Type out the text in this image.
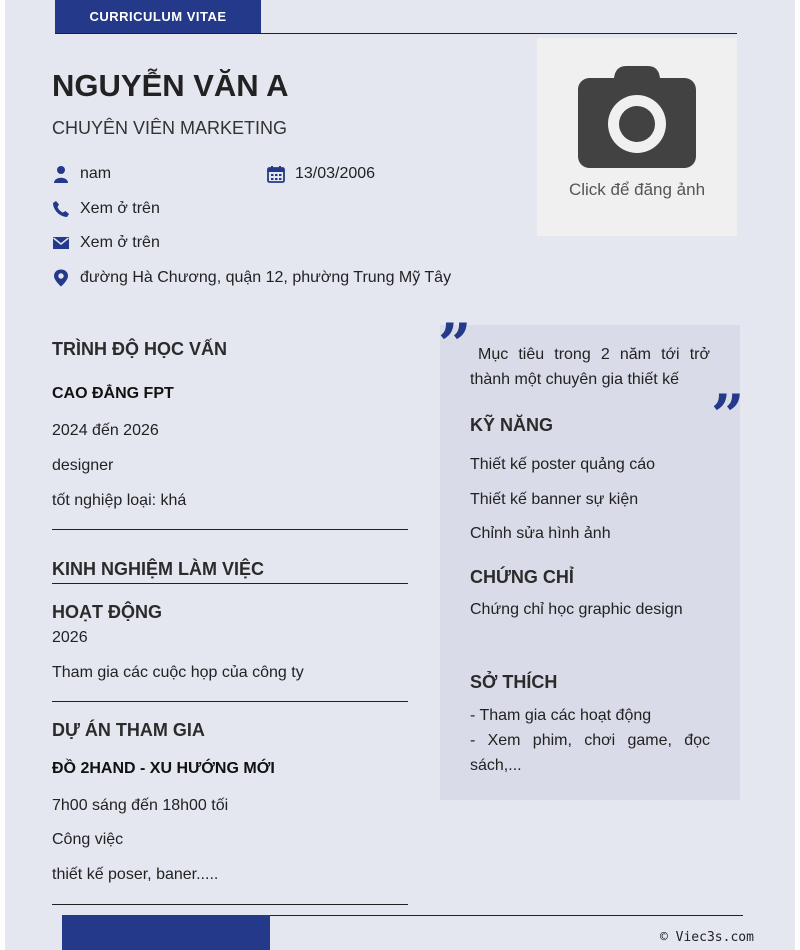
CURRICULUM VITAE
NGUYỄN VĂN A
CHUYÊN VIÊN MARKETING
nam	13/03/2006
Xem ở trên
Xem ở trên
đường Hà Chương, quận 12, phường Trung Mỹ Tây
Click để đăng ảnh
TRÌNH ĐỘ HỌC VẤN
CAO ĐẲNG FPT
2024 đến 2026
designer
tốt nghiệp loại: khá
KINH NGHIỆM LÀM VIỆC
HOẠT ĐỘNG
2026
Tham gia các cuộc họp của công ty
DỰ ÁN THAM GIA
ĐỒ 2HAND - XU HƯỚNG MỚI
7h00 sáng đến 18h00 tối
Công việc
thiết kế poser, baner.....
” Mục tiêu trong 2 năm tới trở thành một chuyên gia thiết kế
”
KỸ NĂNG
Thiết kế poster quảng cáo
Thiết kế banner sự kiện
Chỉnh sửa hình ảnh
CHỨNG CHỈ
Chứng chỉ học graphic design
SỞ THÍCH
- Tham gia các hoạt động
- Xem phim, chơi game, đọc sách,...
© Viec3s.com
